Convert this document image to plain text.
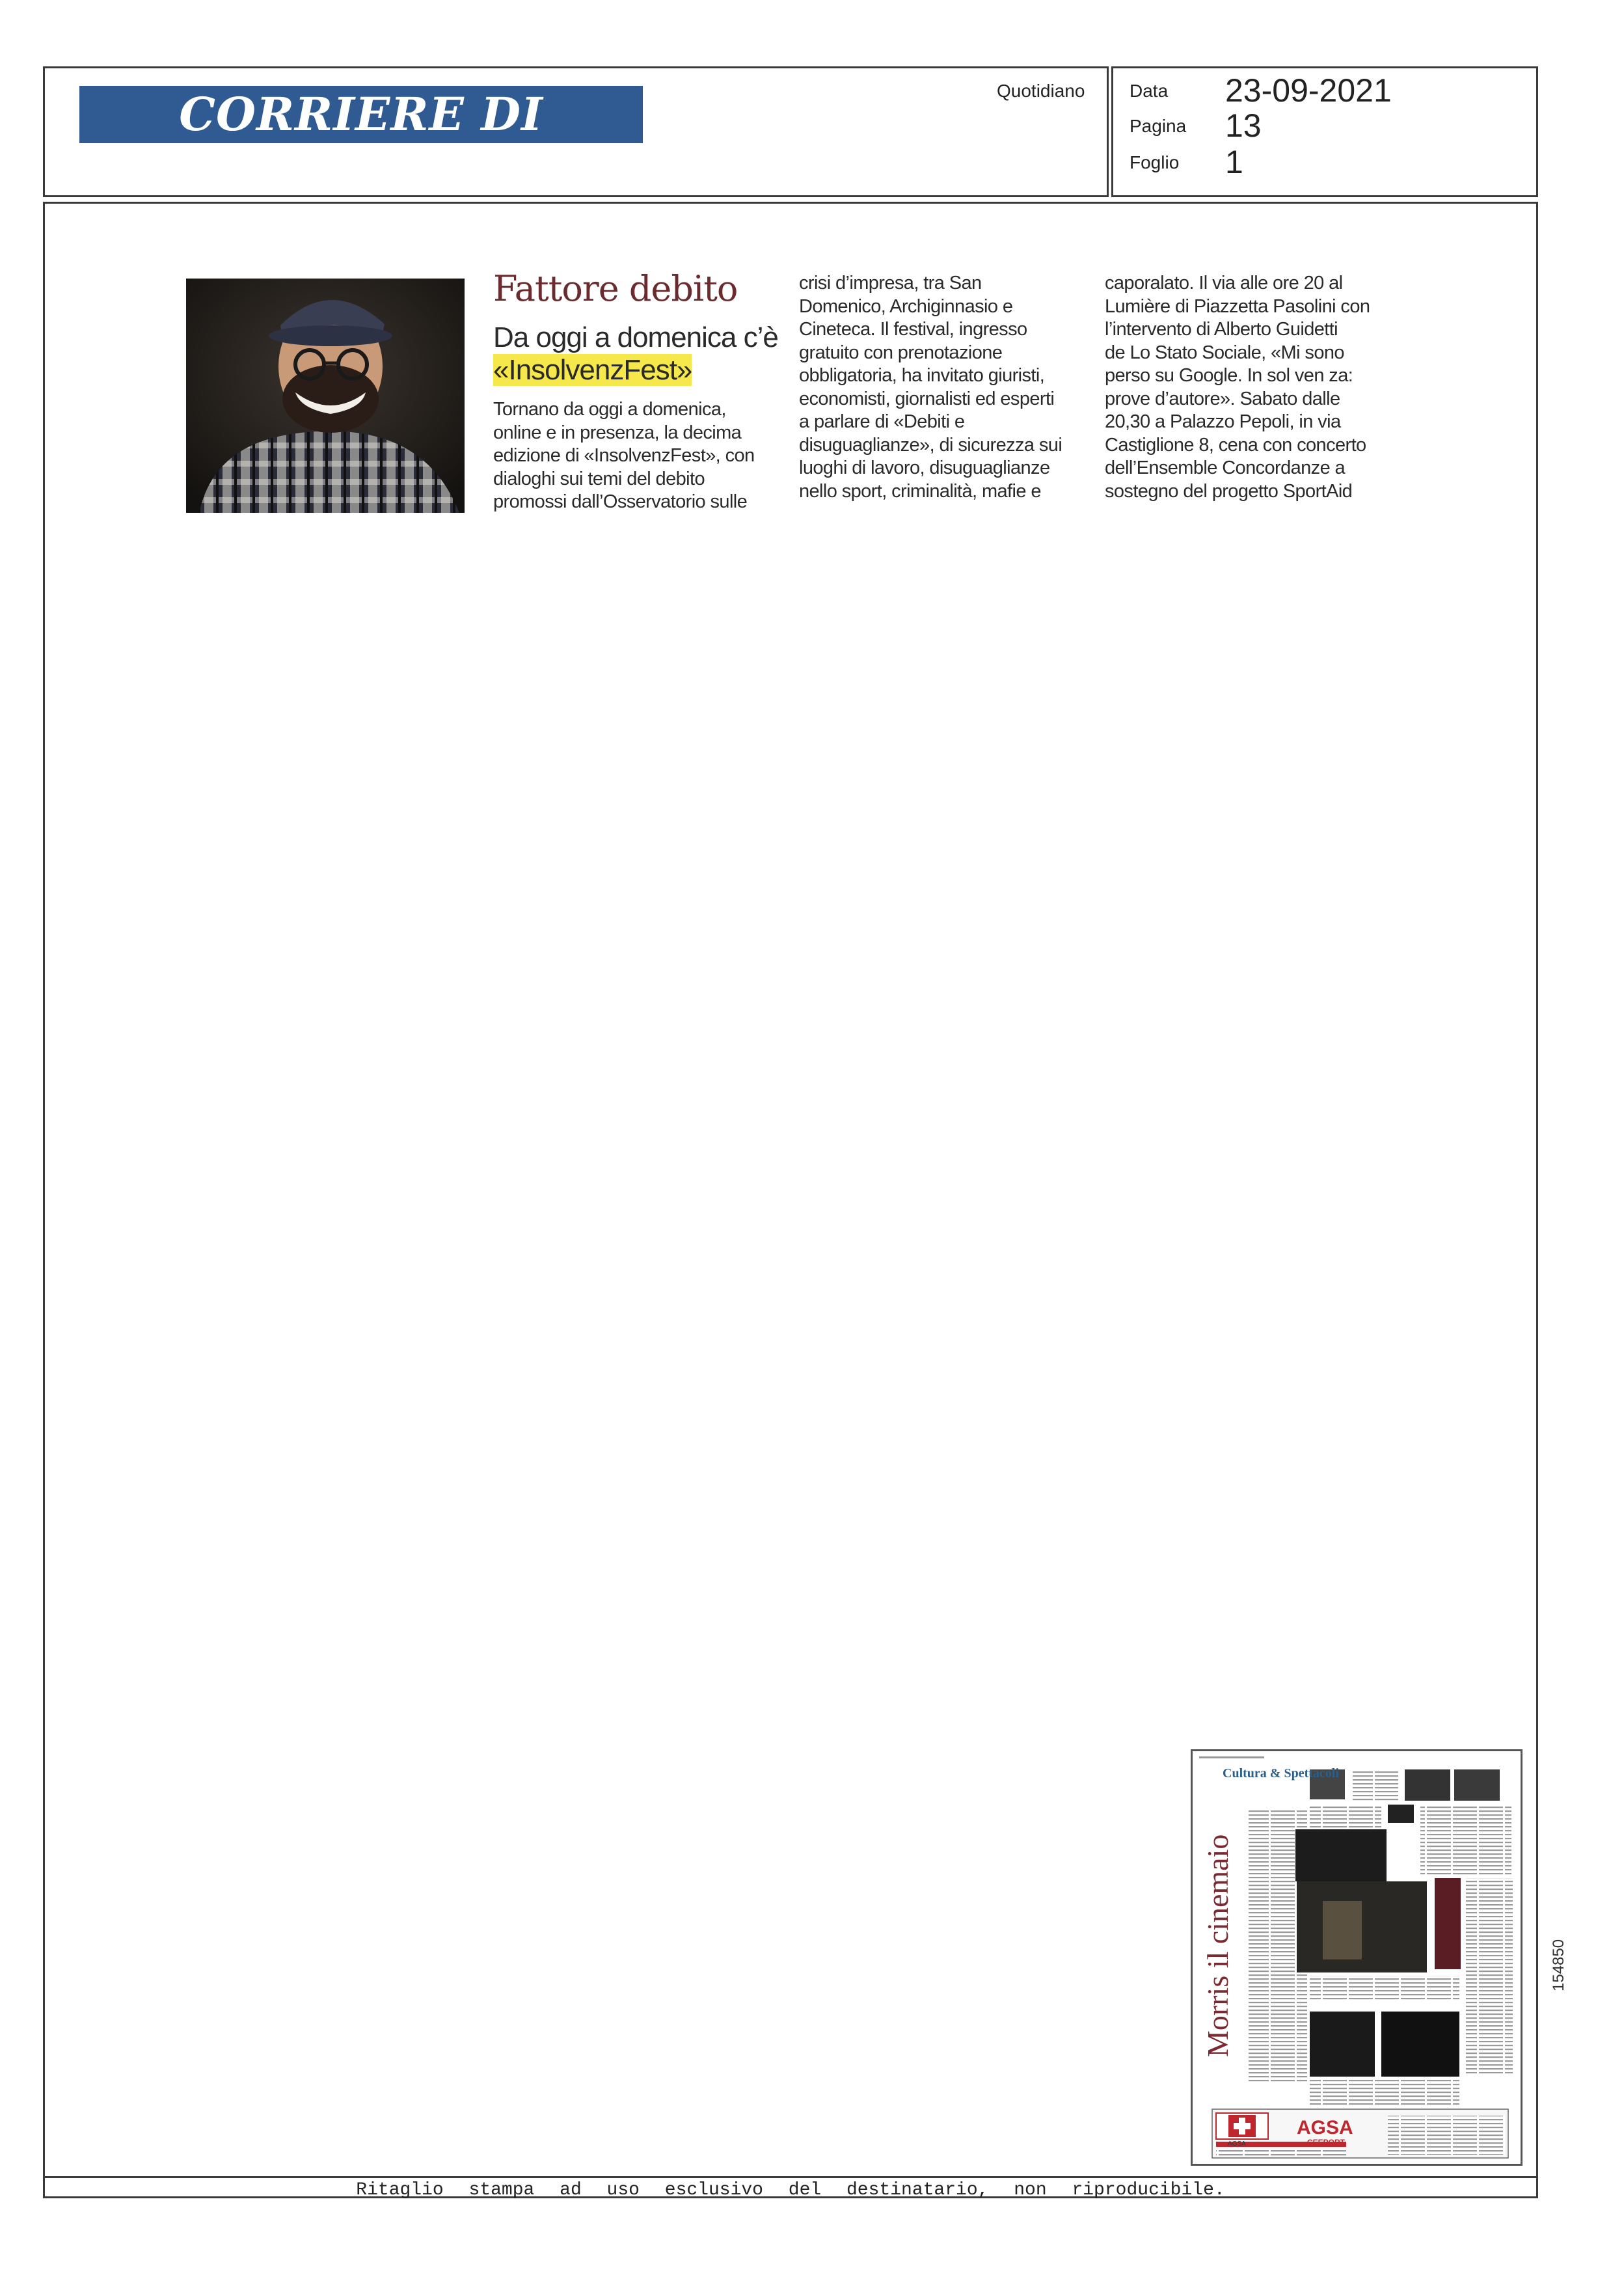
CORRIERE DI BOLOGNA
Quotidiano Data 23-09-2021
Pagina 13
Foglio 1
Fattore debito
Da oggi a domenica c’è «InsolvenzFest»
Tornano da oggi a domenica,
online e in presenza, la decima
edizione di «InsolvenzFest», con
dialoghi sui temi del debito
promossi dall’Osservatorio sulle
crisi d’impresa, tra San
Domenico, Archiginnasio e
Cineteca. Il festival, ingresso
gratuito con prenotazione
obbligatoria, ha invitato giuristi,
economisti, giornalisti ed esperti
a parlare di «Debiti e
disuguaglianze», di sicurezza sui
luoghi di lavoro, disuguaglianze
nello sport, criminalità, mafie e
caporalato. Il via alle ore 20 al
Lumière di Piazzetta Pasolini con
l’intervento di Alberto Guidetti
de Lo Stato Sociale, «Mi sono
perso su Google. In sol ven za:
prove d’autore». Sabato dalle
20,30 a Palazzo Pepoli, in via
Castiglione 8, cena con concerto
dell’Ensemble Concordanze a
sostegno del progetto SportAid
Cultura & Spettacoli
Morris il cinemaio
AGSA
CEEPORT
AGSA
154850
Ritaglio stampa ad uso esclusivo del destinatario, non riproducibile.
